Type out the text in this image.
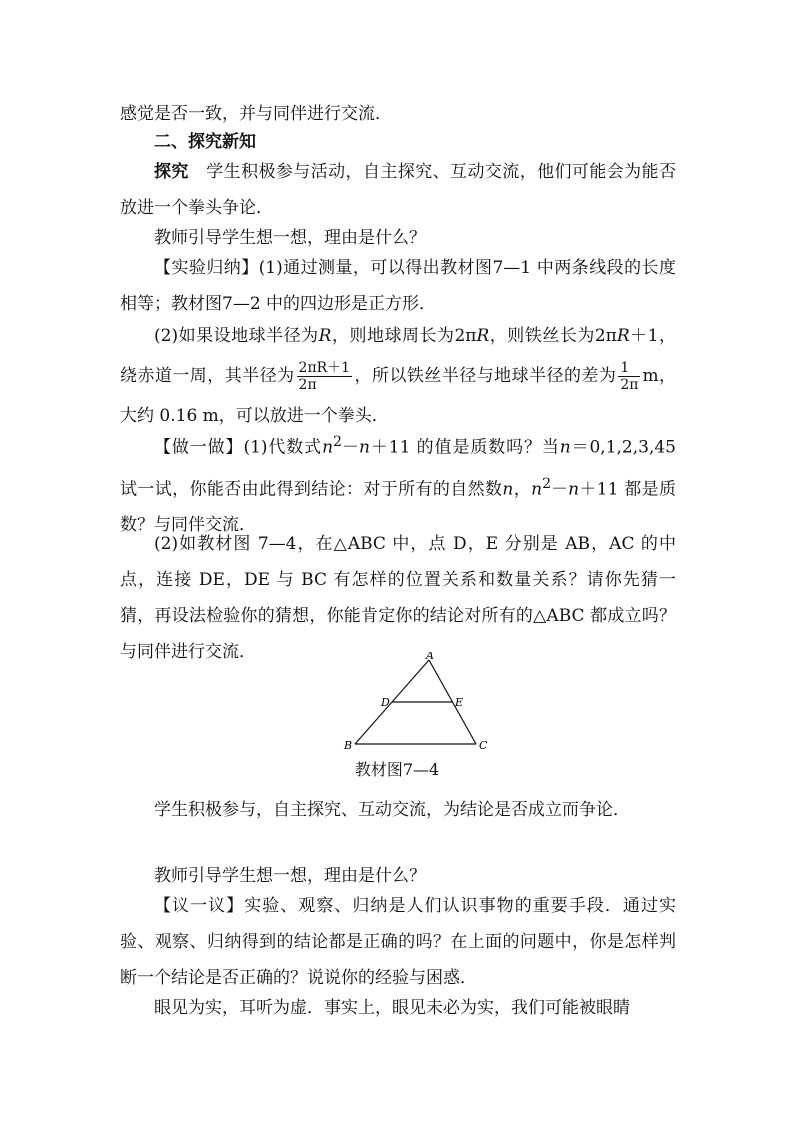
感觉是否一致，并与同伴进行交流．

二、探究新知

探究　学生积极参与活动，自主探究、互动交流，他们可能会为能否放进一个拳头争论．

教师引导学生想一想，理由是什么？

【实验归纳】(1)通过测量，可以得出教材图7—1 中两条线段的长度相等；教材图7—2 中的四边形是正方形．

(2)如果设地球半径为R，则地球周长为2πR，则铁丝长为2πR＋1，绕赤道一周，其半径为 $\frac{2\pi R+1}{2\pi}$ ，所以铁丝半径与地球半径的差为 $\frac{1}{2\pi}$ m，大约 0.16 m，可以放进一个拳头．

【做一做】(1)代数式$n^2-n+11$ 的值是质数吗？当n＝0,1,2,3,45 试一试，你能否由此得到结论：对于所有的自然数n，$n^2-n+11$ 都是质数？与同伴交流．

(2)如教材图 7—4，在△ABC 中，点 D，E 分别是 AB，AC 的中点，连接 DE，DE 与 BC 有怎样的位置关系和数量关系？请你先猜一猜，再设法检验你的猜想，你能肯定你的结论对所有的△ABC 都成立吗？与同伴进行交流．	A
B	C
D	E
教材图7—4

学生积极参与，自主探究、互动交流，为结论是否成立而争论．

教师引导学生想一想，理由是什么？

【议一议】实验、观察、归纳是人们认识事物的重要手段．通过实验、观察、归纳得到的结论都是正确的吗？在上面的问题中，你是怎样判断一个结论是否正确的？说说你的经验与困惑．

眼见为实，耳听为虚．事实上，眼见未必为实，我们可能被眼睛
